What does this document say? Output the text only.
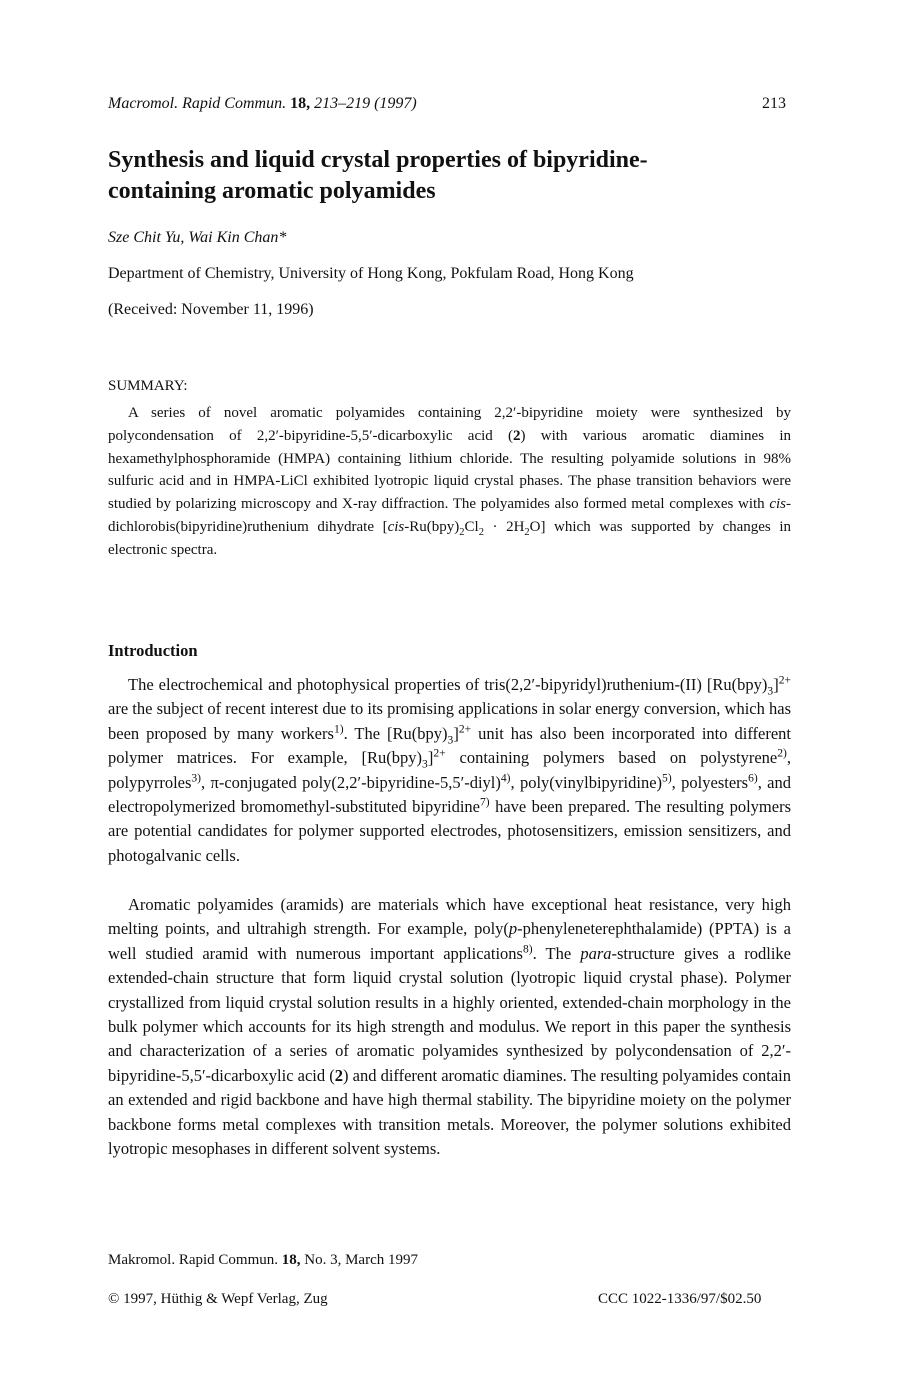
Macromol. Rapid Commun. 18, 213–219 (1997)	213
Synthesis and liquid crystal properties of bipyridine-
containing aromatic polyamides
Sze Chit Yu, Wai Kin Chan*
Department of Chemistry, University of Hong Kong, Pokfulam Road, Hong Kong
(Received: November 11, 1996)
SUMMARY:

A series of novel aromatic polyamides containing 2,2′-bipyridine moiety were synthesized by polycondensation of 2,2′-bipyridine-5,5′-dicarboxylic acid (2) with various aromatic diamines in hexamethylphosphoramide (HMPA) containing lithium chloride. The resulting polyamide solutions in 98% sulfuric acid and in HMPA-LiCl exhibited lyotropic liquid crystal phases. The phase transition behaviors were studied by polarizing microscopy and X-ray diffraction. The polyamides also formed metal complexes with cis-dichlorobis(bipyridine)ruthenium dihydrate $[cis-Ru(bpy)_2Cl_2 \cdot 2H_2O]$ which was supported by changes in electronic spectra.

Introduction

The electrochemical and photophysical properties of tris(2,2′-bipyridyl)ruthenium-(II) $[Ru(bpy)_3]^{2+}$ are the subject of recent interest due to its promising applications in solar energy conversion, which has been proposed by many workers$^{1)}$. The $[Ru(bpy)_3]^{2+}$ unit has also been incorporated into different polymer matrices. For example, $[Ru(bpy)_3]^{2+}$ containing polymers based on polystyrene$^{2)}$, polypyrroles$^{3)}$, π-conjugated poly(2,2′-bipyridine-5,5′-diyl)$^{4)}$, poly(vinylbipyridine)$^{5)}$, polyesters$^{6)}$, and electropolymerized bromomethyl-substituted bipyridine$^{7)}$ have been prepared. The resulting polymers are potential candidates for polymer supported electrodes, photosensitizers, emission sensitizers, and photogalvanic cells.

Aromatic polyamides (aramids) are materials which have exceptional heat resistance, very high melting points, and ultrahigh strength. For example, poly(p-phenyleneterephthalamide) (PPTA) is a well studied aramid with numerous important applications$^{8)}$. The para-structure gives a rodlike extended-chain structure that form liquid crystal solution (lyotropic liquid crystal phase). Polymer crystallized from liquid crystal solution results in a highly oriented, extended-chain morphology in the bulk polymer which accounts for its high strength and modulus. We report in this paper the synthesis and characterization of a series of aromatic polyamides synthesized by polycondensation of 2,2′-bipyridine-5,5′-dicarboxylic acid (2) and different aromatic diamines. The resulting polyamides contain an extended and rigid backbone and have high thermal stability. The bipyridine moiety on the polymer backbone forms metal complexes with transition metals. Moreover, the polymer solutions exhibited lyotropic mesophases in different solvent systems.

Makromol. Rapid Commun. 18, No. 3, March 1997
© 1997, Hüthig & Wepf Verlag, Zug	CCC 1022-1336/97/$02.50
